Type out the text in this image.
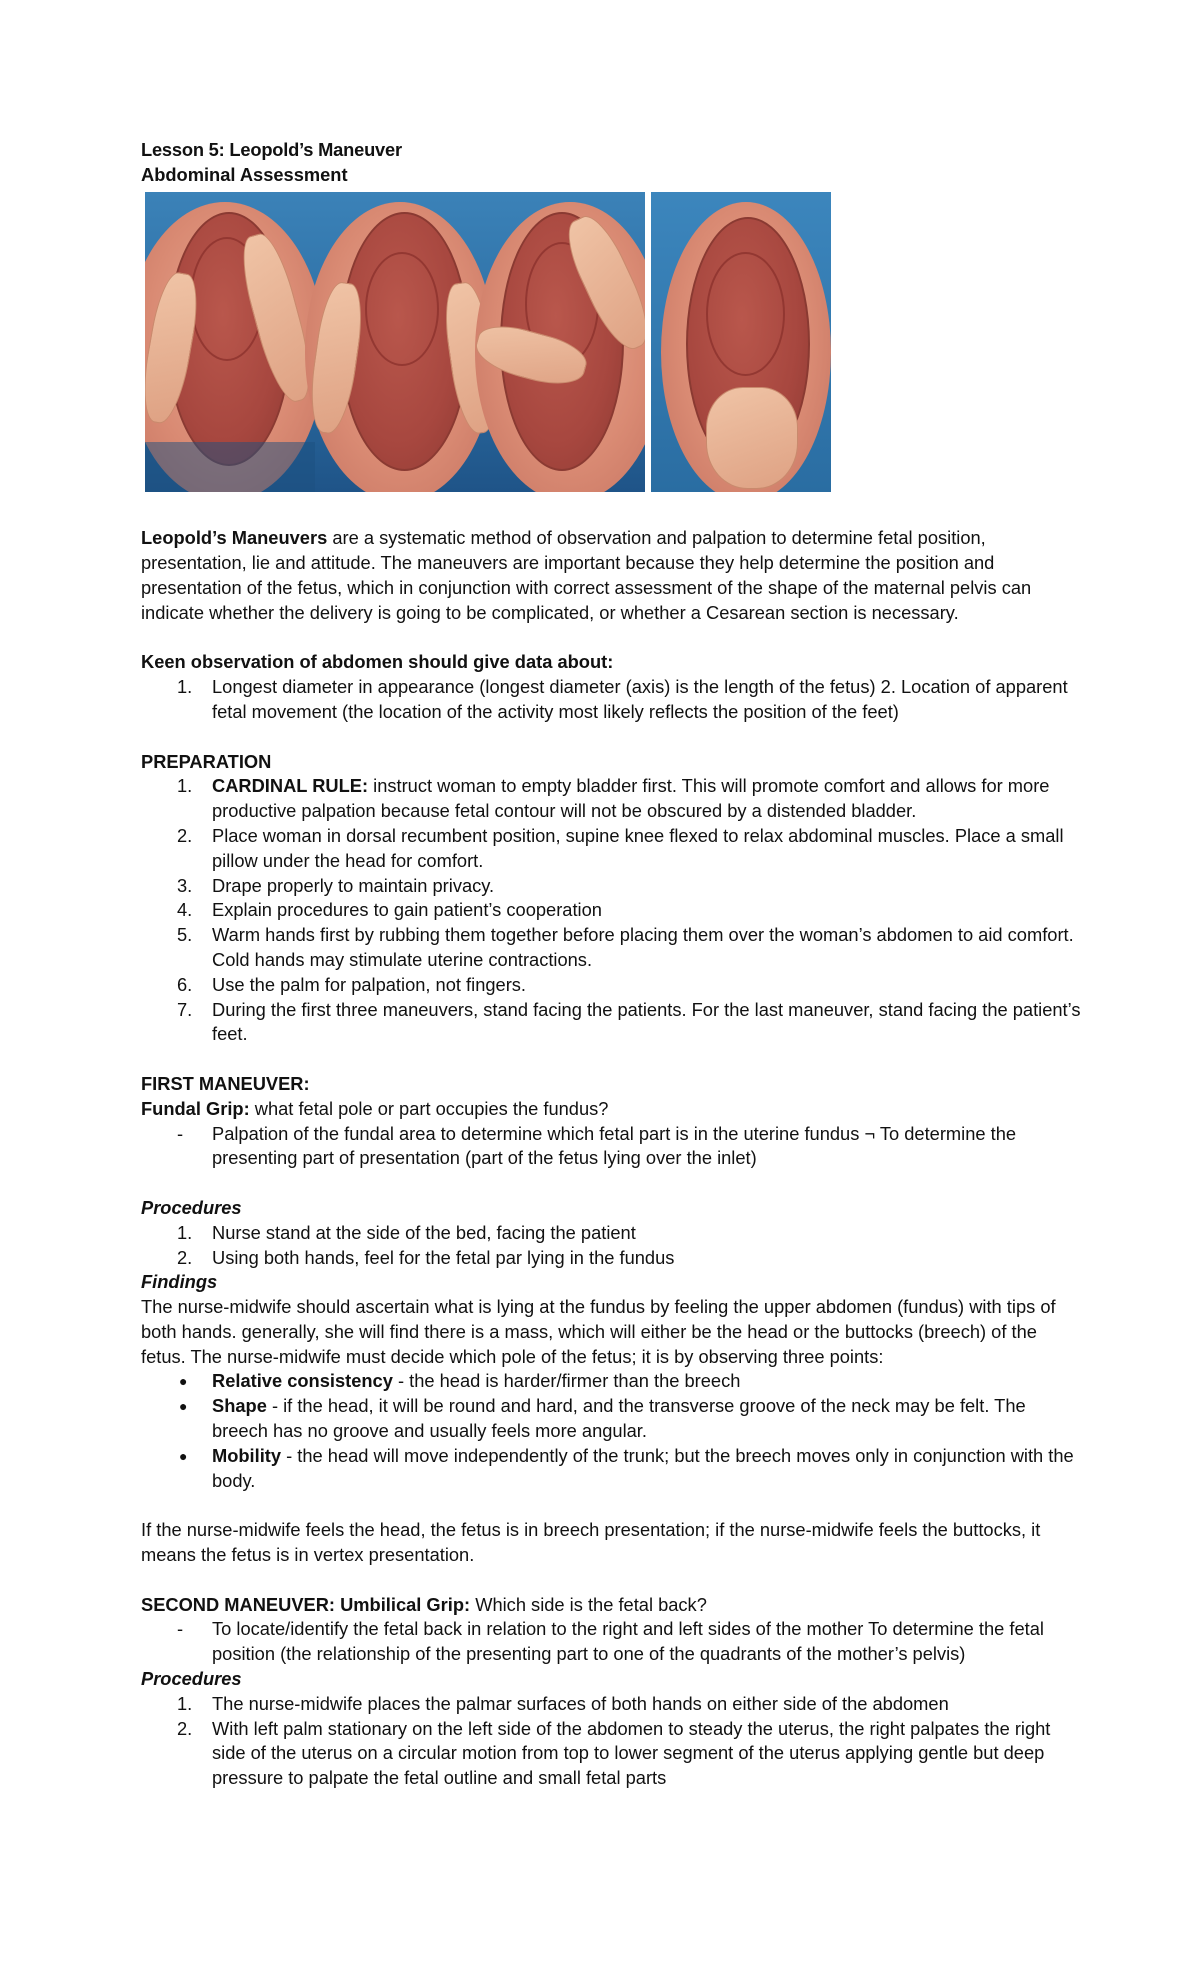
Lesson 5: Leopold’s Maneuver

Abdominal Assessment

Leopold’s Maneuvers are a systematic method of observation and palpation to determine fetal position, presentation, lie and attitude. The maneuvers are important because they help determine the position and presentation of the fetus, which in conjunction with correct assessment of the shape of the maternal pelvis can indicate whether the delivery is going to be complicated, or whether a Cesarean section is necessary.

Keen observation of abdomen should give data about:

1.	Longest diameter in appearance (longest diameter (axis) is the length of the fetus) 2. Location of apparent fetal movement (the location of the activity most likely reflects the position of the feet)

PREPARATION

1.	CARDINAL RULE: instruct woman to empty bladder first. This will promote comfort and allows for more productive palpation because fetal contour will not be obscured by a distended bladder.
2.	Place woman in dorsal recumbent position, supine knee flexed to relax abdominal muscles. Place a small pillow under the head for comfort.
3.	Drape properly to maintain privacy.
4.	Explain procedures to gain patient’s cooperation
5.	Warm hands first by rubbing them together before placing them over the woman’s abdomen to aid comfort. Cold hands may stimulate uterine contractions.
6.	Use the palm for palpation, not fingers.
7.	During the first three maneuvers, stand facing the patients. For the last maneuver, stand facing the patient’s feet.

FIRST MANEUVER:

Fundal Grip: what fetal pole or part occupies the fundus?

-	Palpation of the fundal area to determine which fetal part is in the uterine fundus ¬ To determine the presenting part of presentation (part of the fetus lying over the inlet)

Procedures

1.	Nurse stand at the side of the bed, facing the patient
2.	Using both hands, feel for the fetal par lying in the fundus

Findings

The nurse-midwife should ascertain what is lying at the fundus by feeling the upper abdomen (fundus) with tips of both hands. generally, she will find there is a mass, which will either be the head or the buttocks (breech) of the fetus. The nurse-midwife must decide which pole of the fetus; it is by observing three points:

●	Relative consistency - the head is harder/firmer than the breech
●	Shape - if the head, it will be round and hard, and the transverse groove of the neck may be felt. The breech has no groove and usually feels more angular.
●	Mobility - the head will move independently of the trunk; but the breech moves only in conjunction with the body.

If the nurse-midwife feels the head, the fetus is in breech presentation; if the nurse-midwife feels the buttocks, it means the fetus is in vertex presentation.

SECOND MANEUVER: Umbilical Grip: Which side is the fetal back?

-	To locate/identify the fetal back in relation to the right and left sides of the mother To determine the fetal position (the relationship of the presenting part to one of the quadrants of the mother’s pelvis)

Procedures

1.	The nurse-midwife places the palmar surfaces of both hands on either side of the abdomen
2.	With left palm stationary on the left side of the abdomen to steady the uterus, the right palpates the right side of the uterus on a circular motion from top to lower segment of the uterus applying gentle but deep pressure to palpate the fetal outline and small fetal parts
